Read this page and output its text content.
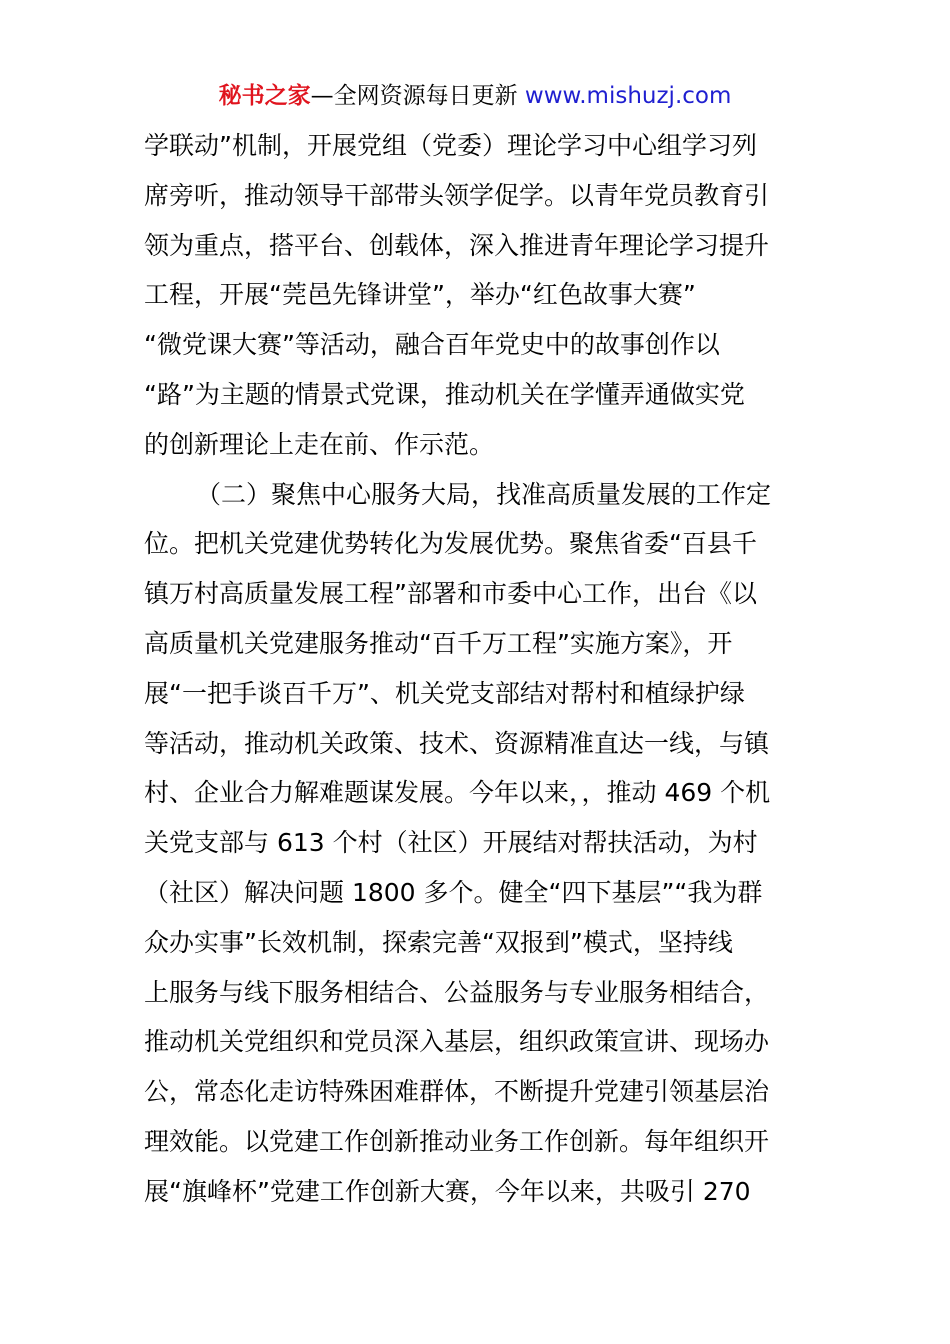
秘书之家—全网资源每日更新 www.mishuzj.com
学联动”机制，开展党组（党委）理论学习中心组学习列
席旁听，推动领导干部带头领学促学。以青年党员教育引
领为重点，搭平台、创载体，深入推进青年理论学习提升
工程，开展“莞邑先锋讲堂”，举办“红色故事大赛”
“微党课大赛”等活动，融合百年党史中的故事创作以
“路”为主题的情景式党课，推动机关在学懂弄通做实党
的创新理论上走在前、作示范。
（二）聚焦中心服务大局，找准高质量发展的工作定
位。把机关党建优势转化为发展优势。聚焦省委“百县千
镇万村高质量发展工程”部署和市委中心工作，出台《以
高质量机关党建服务推动“百千万工程”实施方案》，开
展“一把手谈百千万”、机关党支部结对帮村和植绿护绿
等活动，推动机关政策、技术、资源精准直达一线，与镇
村、企业合力解难题谋发展。今年以来，，推动 469 个机
关党支部与 613 个村（社区）开展结对帮扶活动，为村
（社区）解决问题 1800 多个。健全“四下基层”“我为群
众办实事”长效机制，探索完善“双报到”模式，坚持线
上服务与线下服务相结合、公益服务与专业服务相结合，
推动机关党组织和党员深入基层，组织政策宣讲、现场办
公，常态化走访特殊困难群体，不断提升党建引领基层治
理效能。以党建工作创新推动业务工作创新。每年组织开
展“旗峰杯”党建工作创新大赛，今年以来，共吸引 270
